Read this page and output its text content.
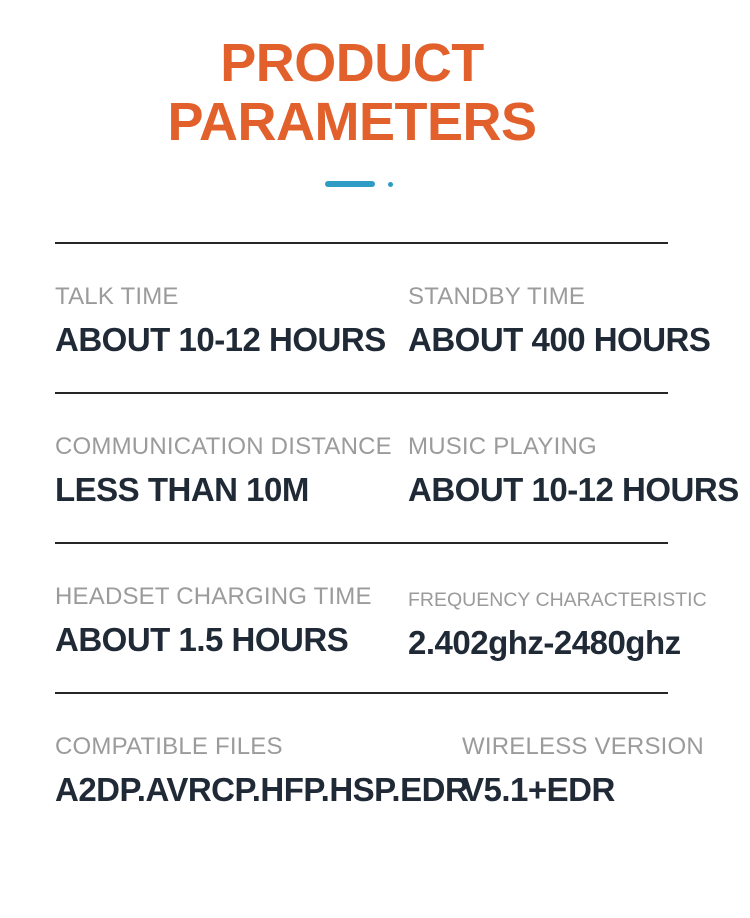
PRODUCT
PARAMETERS
TALK TIME
ABOUT 10-12 HOURS
STANDBY TIME
ABOUT 400 HOURS
COMMUNICATION DISTANCE
LESS THAN 10M
MUSIC PLAYING
ABOUT 10-12 HOURS
HEADSET CHARGING TIME
ABOUT 1.5 HOURS
FREQUENCY CHARACTERISTIC
2.402ghz-2480ghz
COMPATIBLE FILES
A2DP.AVRCP.HFP.HSP.EDR
WIRELESS VERSION
V5.1+EDR
